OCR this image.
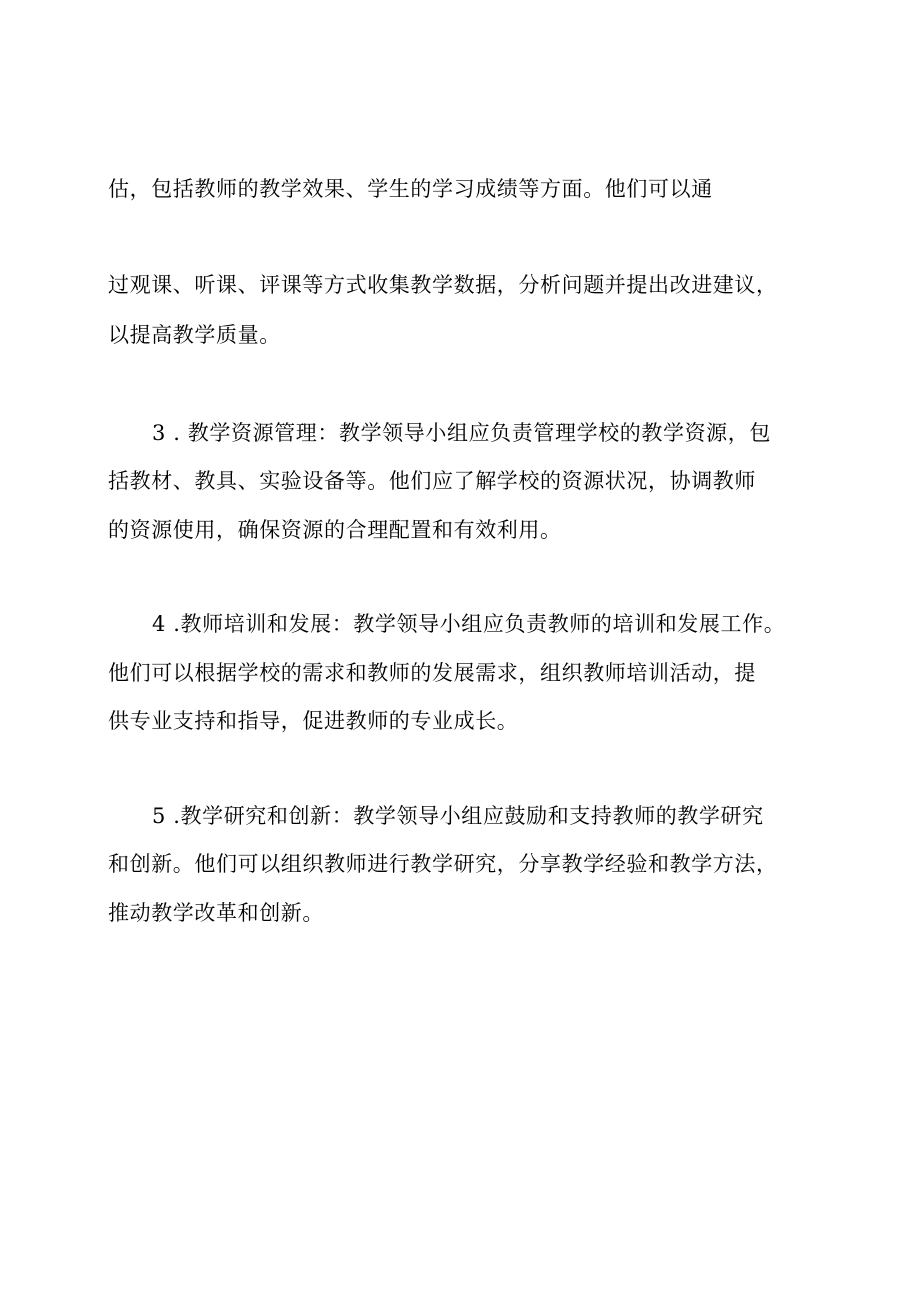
估，包括教师的教学效果、学生的学习成绩等方面。他们可以通
过观课、听课、评课等方式收集教学数据，分析问题并提出改进建议，
以提高教学质量。
3 . 教学资源管理：教学领导小组应负责管理学校的教学资源，包
括教材、教具、实验设备等。他们应了解学校的资源状况，协调教师
的资源使用，确保资源的合理配置和有效利用。
4 .教师培训和发展：教学领导小组应负责教师的培训和发展工作。
他们可以根据学校的需求和教师的发展需求，组织教师培训活动，提
供专业支持和指导，促进教师的专业成长。
5 .教学研究和创新：教学领导小组应鼓励和支持教师的教学研究
和创新。他们可以组织教师进行教学研究，分享教学经验和教学方法，
推动教学改革和创新。
